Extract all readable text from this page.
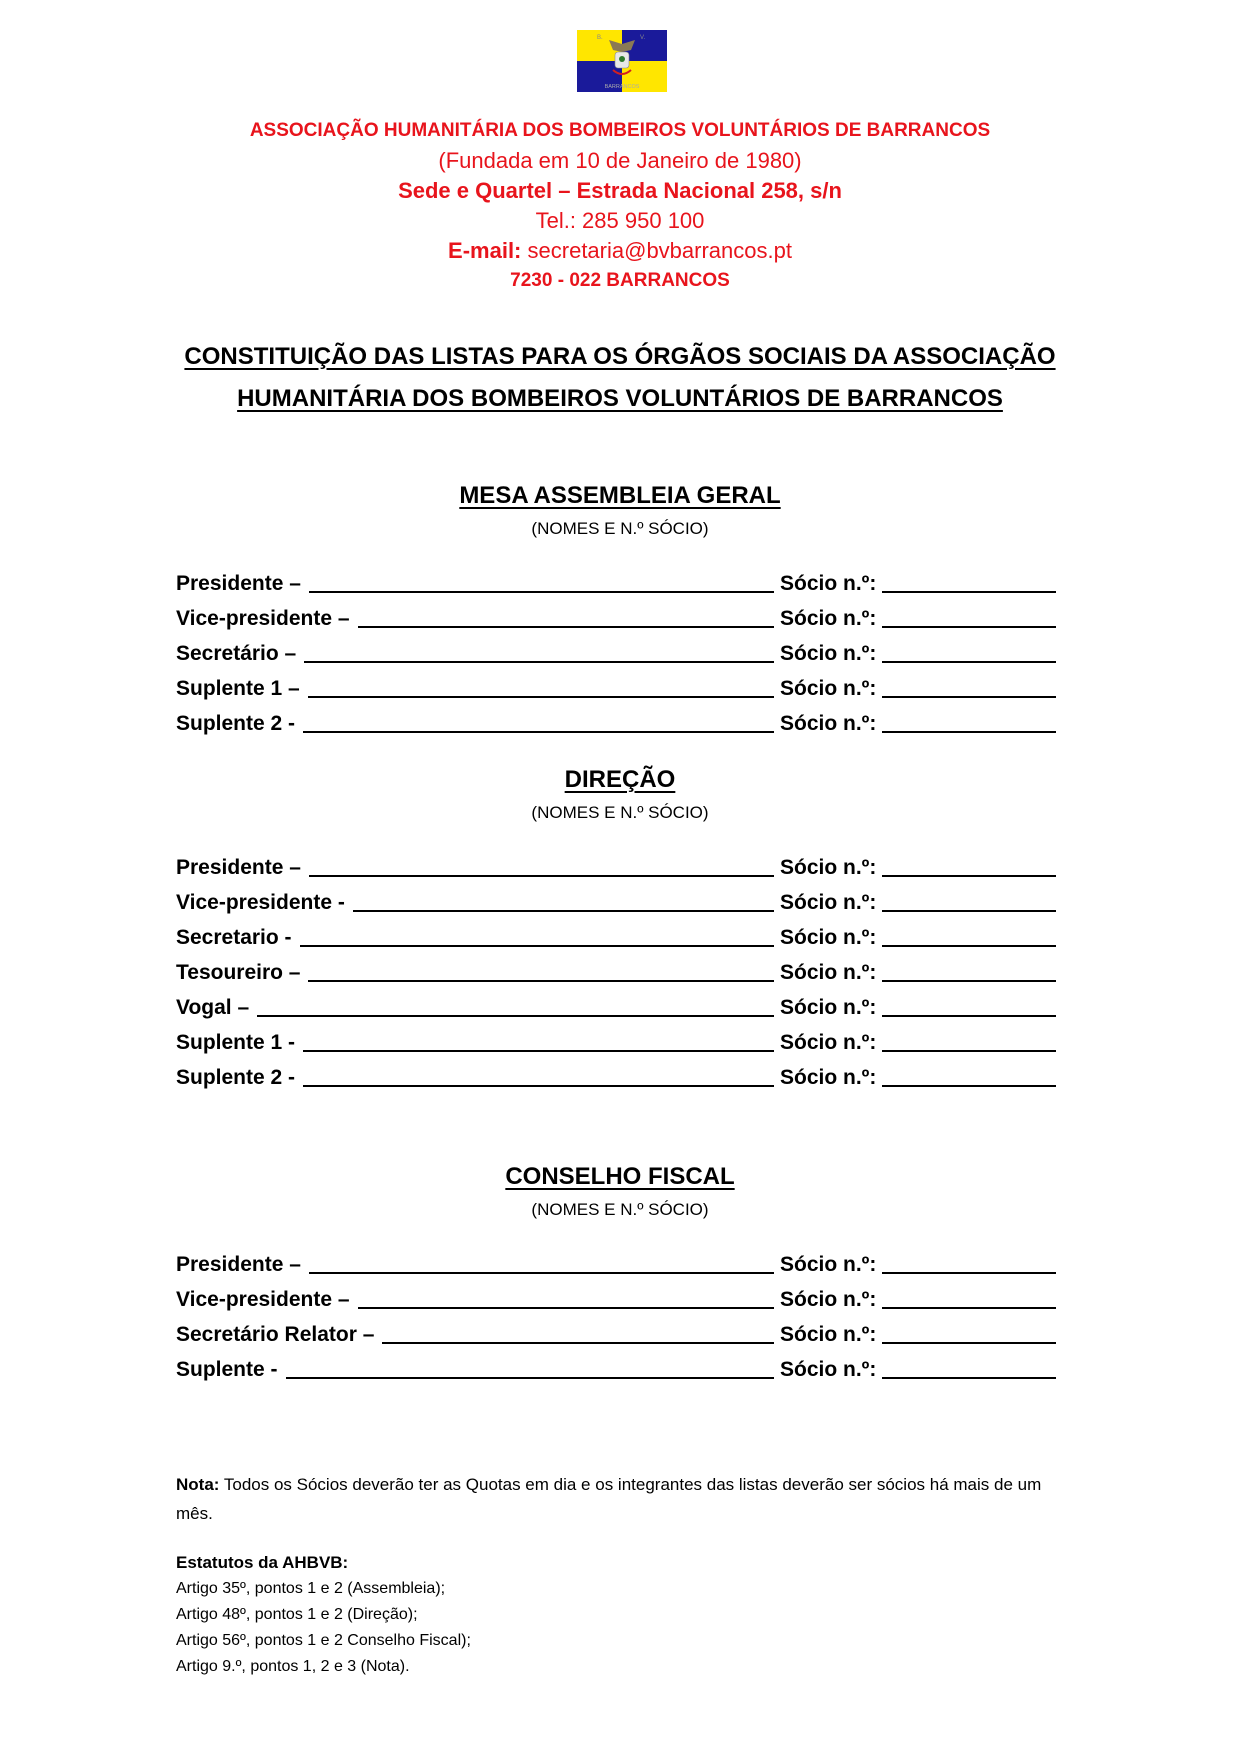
B.	V.
BARRANCOS
ASSOCIAÇÃO HUMANITÁRIA DOS BOMBEIROS VOLUNTÁRIOS DE BARRANCOS
(Fundada em 10 de Janeiro de 1980)
Sede e Quartel – Estrada Nacional 258, s/n
Tel.: 285 950 100
E-mail: secretaria@bvbarrancos.pt
7230 - 022 BARRANCOS
CONSTITUIÇÃO DAS LISTAS PARA OS ÓRGÃOS SOCIAIS DA ASSOCIAÇÃO
HUMANITÁRIA DOS BOMBEIROS VOLUNTÁRIOS DE BARRANCOS
MESA ASSEMBLEIA GERAL
(NOMES E N.º SÓCIO)
Presidente –	Sócio n.º:
Vice-presidente –	Sócio n.º:
Secretário –	Sócio n.º:
Suplente 1 –	Sócio n.º:
Suplente 2 -	Sócio n.º:
DIREÇÃO
(NOMES E N.º SÓCIO)
Presidente –	Sócio n.º:
Vice-presidente -	Sócio n.º:
Secretario -	Sócio n.º:
Tesoureiro –	Sócio n.º:
Vogal –	Sócio n.º:
Suplente 1 -	Sócio n.º:
Suplente 2 -	Sócio n.º:
CONSELHO FISCAL
(NOMES E N.º SÓCIO)
Presidente –	Sócio n.º:
Vice-presidente –	Sócio n.º:
Secretário Relator –	Sócio n.º:
Suplente -	Sócio n.º:
Nota: Todos os Sócios deverão ter as Quotas em dia e os integrantes das listas deverão ser sócios há mais de um mês.
Estatutos da AHBVB:
Artigo 35º, pontos 1 e 2 (Assembleia);
Artigo 48º, pontos 1 e 2 (Direção);
Artigo 56º, pontos 1 e 2 Conselho Fiscal);
Artigo 9.º, pontos 1, 2 e 3 (Nota).
